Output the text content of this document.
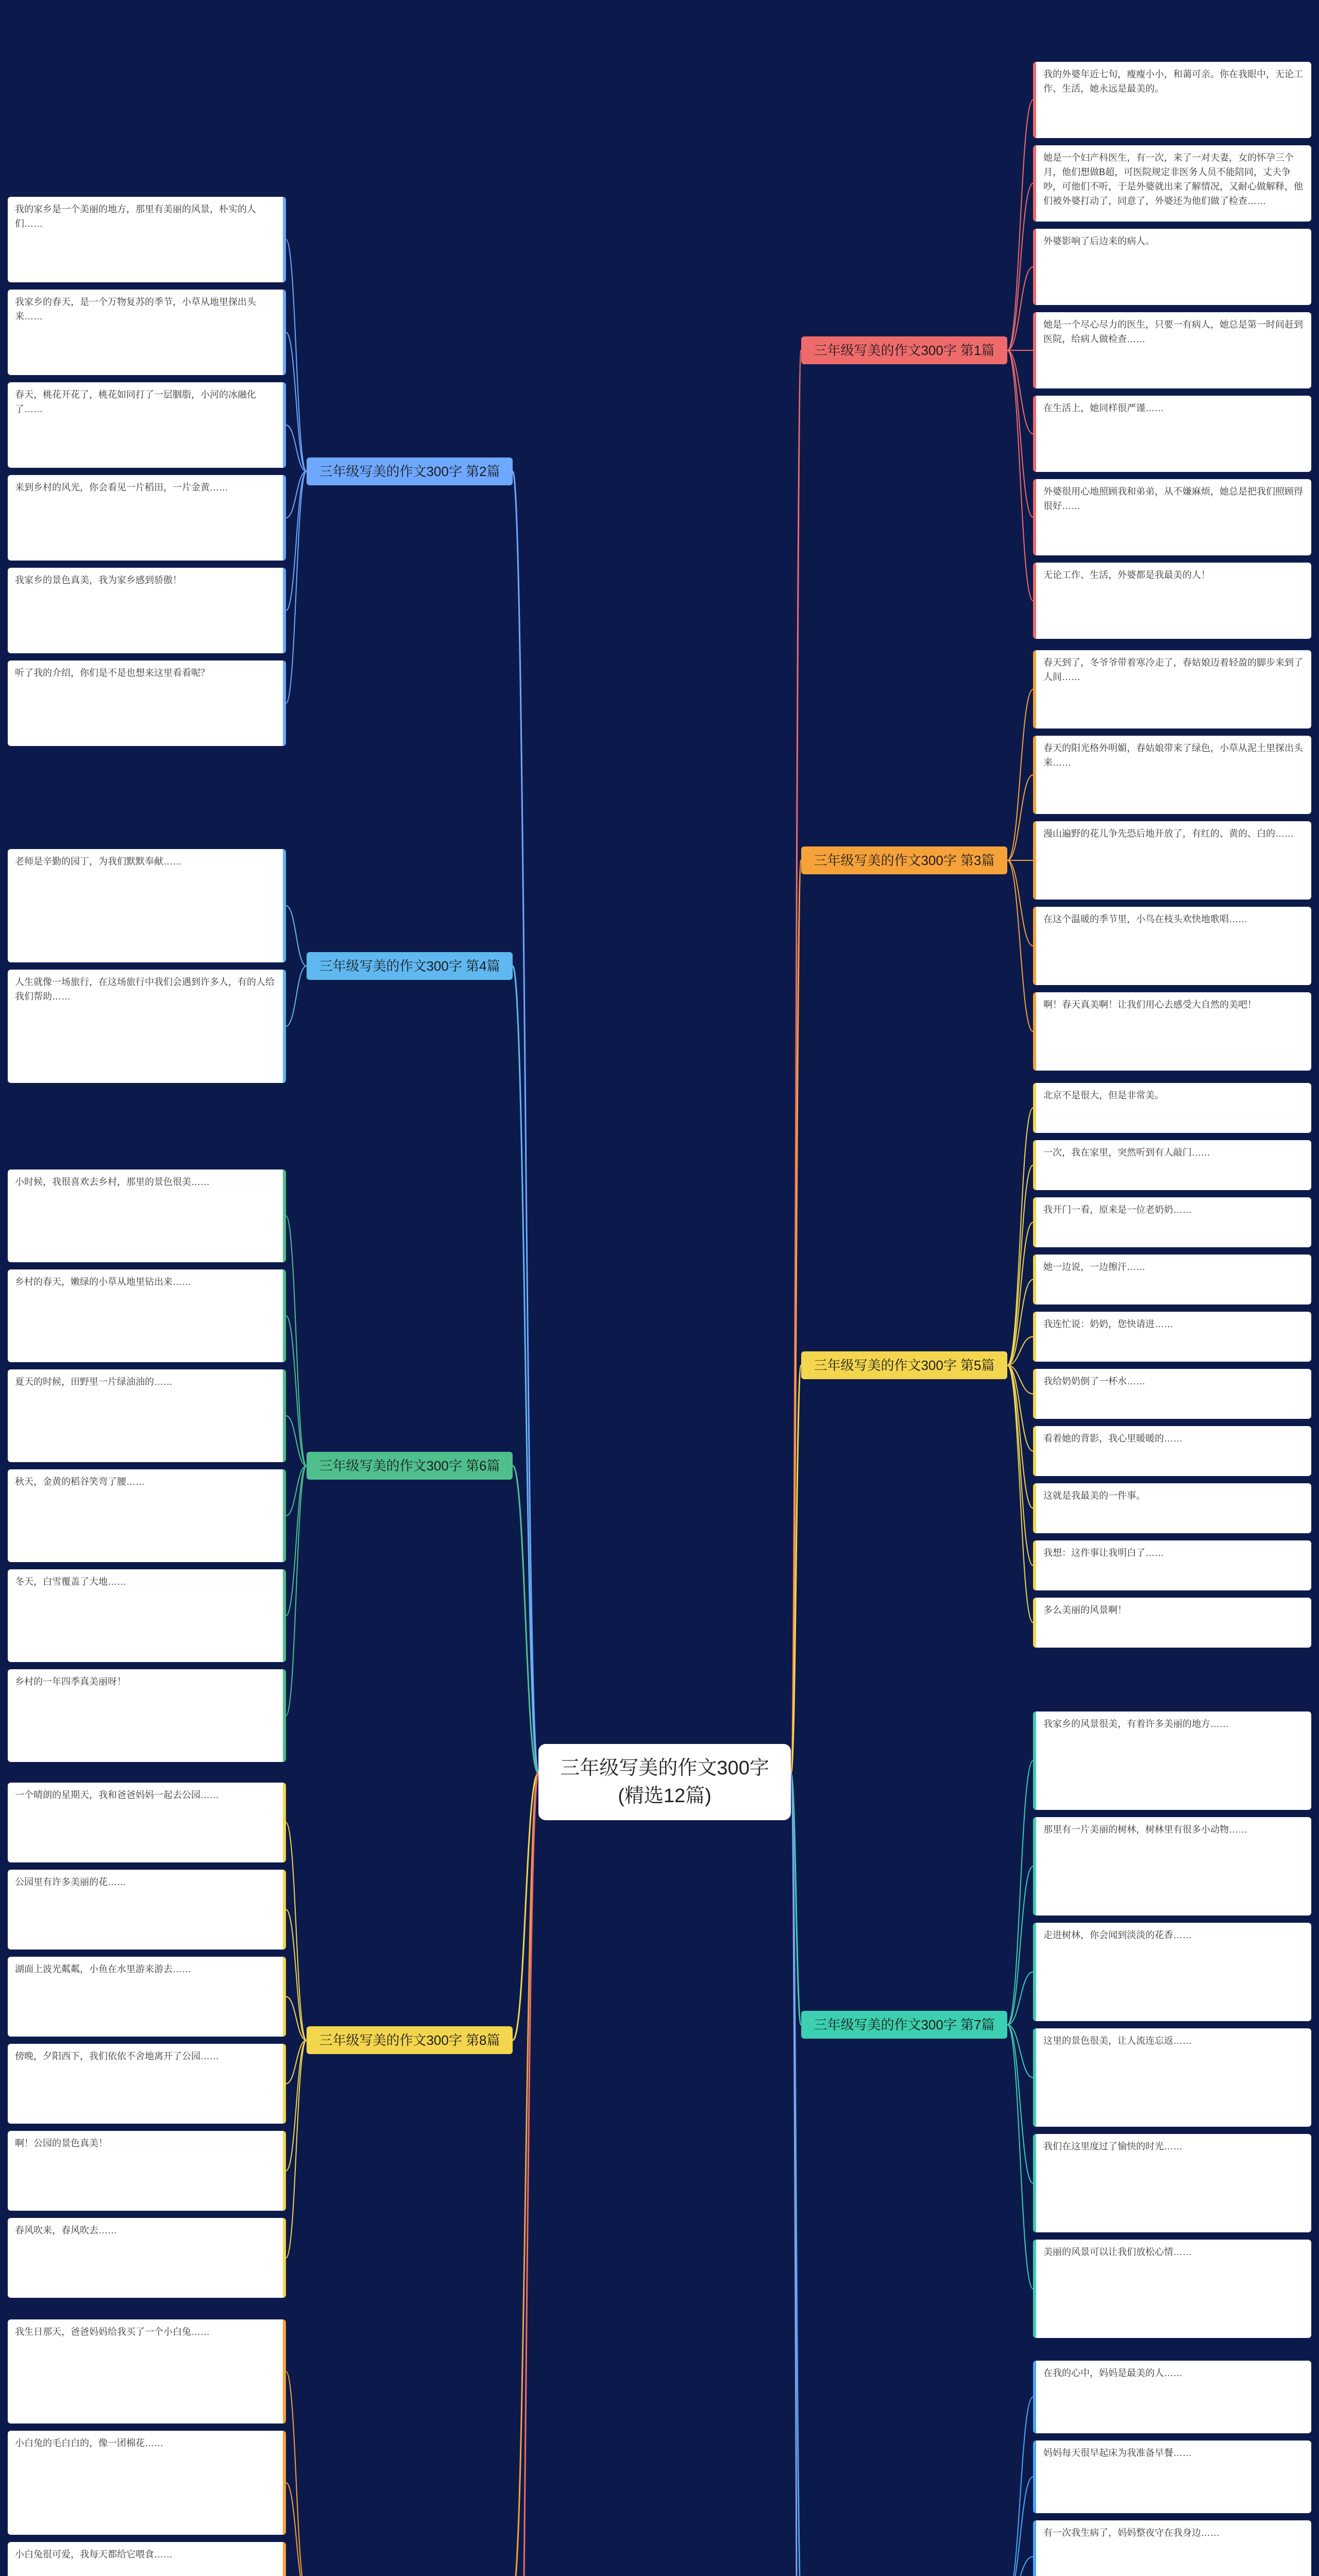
三年级写美的作文300字(精选12篇)
三年级写美的作文300字 第1篇
我的外婆年近七旬，瘦瘦小小，和蔼可亲。你在我眼中，无论工作、生活，她永远是最美的。
她是一个妇产科医生，有一次，来了一对夫妻，女的怀孕三个月，他们想做B超，可医院规定非医务人员不能陪同，丈夫争吵，可他们不听，于是外婆就出来了解情况，又耐心做解释，他们被外婆打动了，同意了，外婆还为他们做了检查……
外婆影响了后边来的病人。
她是一个尽心尽力的医生，只要一有病人，她总是第一时间赶到医院，给病人做检查……
在生活上，她同样很严谨……
外婆很用心地照顾我和弟弟，从不嫌麻烦，她总是把我们照顾得很好……
无论工作、生活，外婆都是我最美的人！
三年级写美的作文300字 第2篇
我的家乡是一个美丽的地方，那里有美丽的风景，朴实的人们……
我家乡的春天，是一个万物复苏的季节，小草从地里探出头来……
春天，桃花开花了，桃花如同打了一层胭脂，小河的冰融化了……
来到乡村的风光，你会看见一片稻田，一片金黄……
我家乡的景色真美，我为家乡感到骄傲！
听了我的介绍，你们是不是也想来这里看看呢？
三年级写美的作文300字 第3篇
春天到了，冬爷爷带着寒冷走了，春姑娘迈着轻盈的脚步来到了人间……
春天的阳光格外明媚，春姑娘带来了绿色，小草从泥土里探出头来……
漫山遍野的花儿争先恐后地开放了，有红的、黄的、白的……
在这个温暖的季节里，小鸟在枝头欢快地歌唱……
啊！春天真美啊！让我们用心去感受大自然的美吧！
三年级写美的作文300字 第4篇
老师是辛勤的园丁，为我们默默奉献……
人生就像一场旅行，在这场旅行中我们会遇到许多人，有的人给我们帮助……
三年级写美的作文300字 第5篇
北京不是很大，但是非常美。
一次，我在家里，突然听到有人敲门……
我开门一看，原来是一位老奶奶……
她一边说，一边擦汗……
我连忙说：奶奶，您快请进……
我给奶奶倒了一杯水……
看着她的背影，我心里暖暖的……
这就是我最美的一件事。
我想：这件事让我明白了……
多么美丽的风景啊！
三年级写美的作文300字 第6篇
小时候，我很喜欢去乡村，那里的景色很美……
乡村的春天，嫩绿的小草从地里钻出来……
夏天的时候，田野里一片绿油油的……
秋天，金黄的稻谷笑弯了腰……
冬天，白雪覆盖了大地……
乡村的一年四季真美丽呀！
三年级写美的作文300字 第7篇
我家乡的风景很美，有着许多美丽的地方……
那里有一片美丽的树林，树林里有很多小动物……
走进树林，你会闻到淡淡的花香……
这里的景色很美，让人流连忘返……
我们在这里度过了愉快的时光……
美丽的风景可以让我们放松心情……
三年级写美的作文300字 第8篇
一个晴朗的星期天，我和爸爸妈妈一起去公园……
公园里有许多美丽的花……
湖面上波光粼粼，小鱼在水里游来游去……
傍晚，夕阳西下，我们依依不舍地离开了公园……
啊！公园的景色真美！
春风吹来，春风吹去……
在我的心中，妈妈是最美的人……
妈妈每天很早起床为我准备早餐……
有一次我生病了，妈妈整夜守在我身边……
我生日那天，爸爸妈妈给我买了一个小白兔……
小白兔的毛白白的，像一团棉花……
小白兔很可爱，我每天都给它喂食……
